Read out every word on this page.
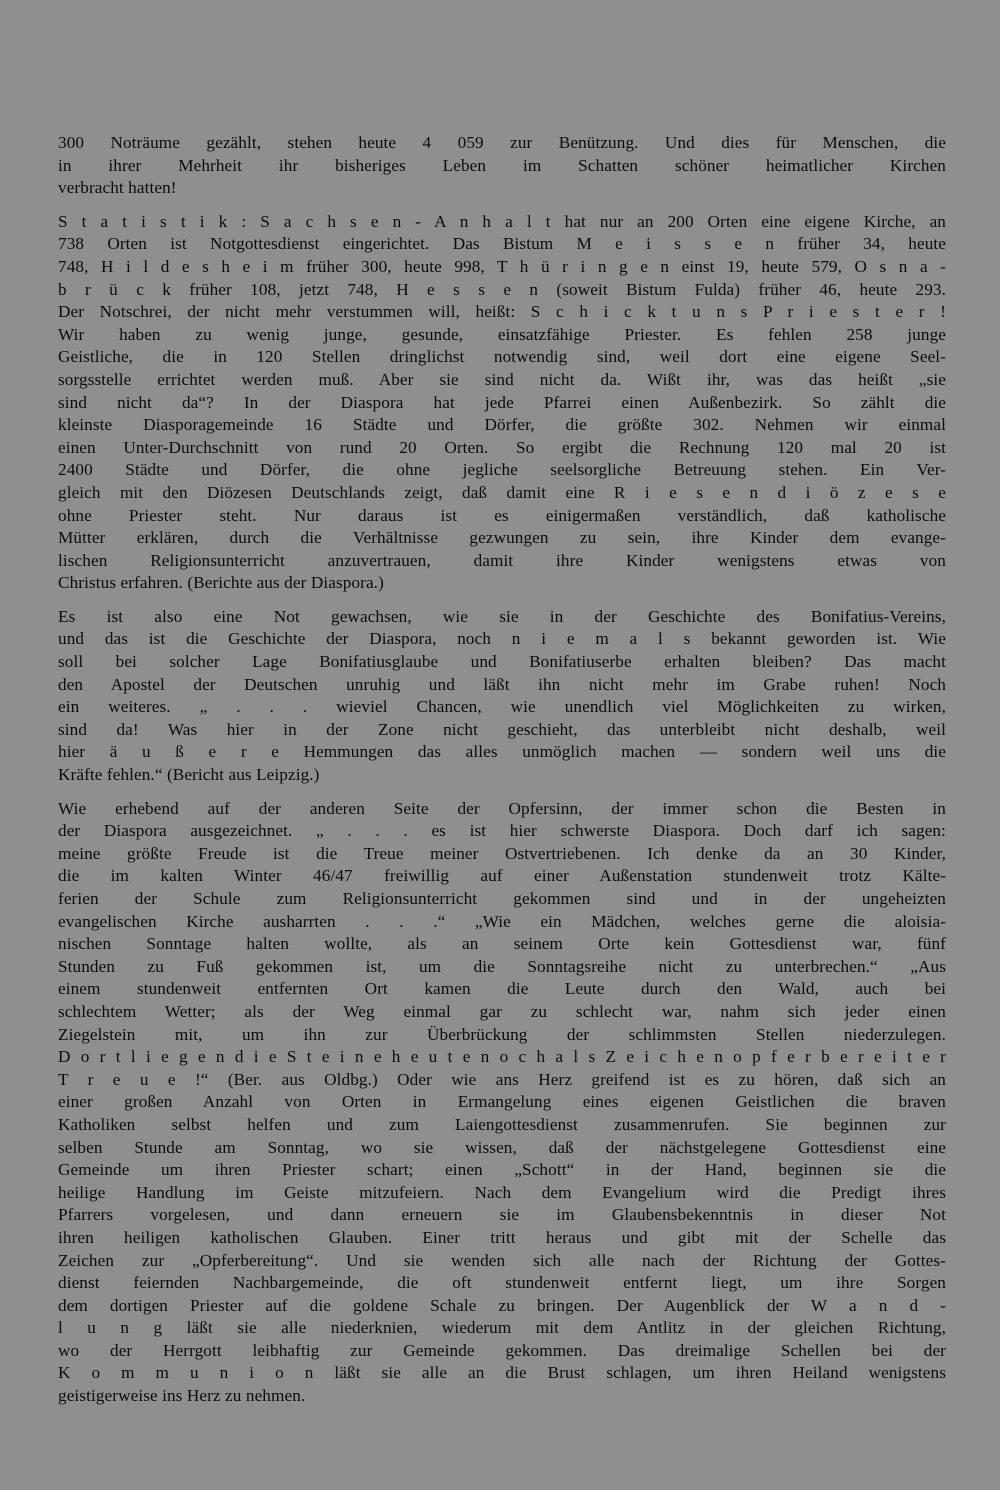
300 Noträume gezählt, stehen heute 4 059 zur Benützung. Und dies für Menschen, die
in ihrer Mehrheit ihr bisheriges Leben im Schatten schöner heimatlicher Kirchen
verbracht hatten!
S t a t i s t i k : S a c h s e n - A n h a l t hat nur an 200 Orten eine eigene Kirche, an
738 Orten ist Notgottesdienst eingerichtet. Das Bistum M e i s s e n früher 34, heute
748, H i l d e s h e i m früher 300, heute 998, T h ü r i n g e n einst 19, heute 579, O s n a -
b r ü c k früher 108, jetzt 748, H e s s e n (soweit Bistum Fulda) früher 46, heute 293.
Der Notschrei, der nicht mehr verstummen will, heißt: S c h i c k t u n s P r i e s t e r !
Wir haben zu wenig junge, gesunde, einsatzfähige Priester. Es fehlen 258 junge
Geistliche, die in 120 Stellen dringlichst notwendig sind, weil dort eine eigene Seel-
sorgsstelle errichtet werden muß. Aber sie sind nicht da. Wißt ihr, was das heißt „sie
sind nicht da“? In der Diaspora hat jede Pfarrei einen Außenbezirk. So zählt die
kleinste Diasporagemeinde 16 Städte und Dörfer, die größte 302. Nehmen wir einmal
einen Unter-Durchschnitt von rund 20 Orten. So ergibt die Rechnung 120 mal 20 ist
2400 Städte und Dörfer, die ohne jegliche seelsorgliche Betreuung stehen. Ein Ver-
gleich mit den Diözesen Deutschlands zeigt, daß damit eine R i e s e n d i ö z e s e
ohne Priester steht. Nur daraus ist es einigermaßen verständlich, daß katholische
Mütter erklären, durch die Verhältnisse gezwungen zu sein, ihre Kinder dem evange-
lischen Religionsunterricht anzuvertrauen, damit ihre Kinder wenigstens etwas von
Christus erfahren. (Berichte aus der Diaspora.)
Es ist also eine Not gewachsen, wie sie in der Geschichte des Bonifatius-Vereins,
und das ist die Geschichte der Diaspora, noch n i e m a l s bekannt geworden ist. Wie
soll bei solcher Lage Bonifatiusglaube und Bonifatiuserbe erhalten bleiben? Das macht
den Apostel der Deutschen unruhig und läßt ihn nicht mehr im Grabe ruhen! Noch
ein weiteres. „ . . . wieviel Chancen, wie unendlich viel Möglichkeiten zu wirken,
sind da! Was hier in der Zone nicht geschieht, das unterbleibt nicht deshalb, weil
hier ä u ß e r e Hemmungen das alles unmöglich machen — sondern weil uns die
Kräfte fehlen.“ (Bericht aus Leipzig.)
Wie erhebend auf der anderen Seite der Opfersinn, der immer schon die Besten in
der Diaspora ausgezeichnet. „ . . . es ist hier schwerste Diaspora. Doch darf ich sagen:
meine größte Freude ist die Treue meiner Ostvertriebenen. Ich denke da an 30 Kinder,
die im kalten Winter 46/47 freiwillig auf einer Außenstation stundenweit trotz Kälte-
ferien der Schule zum Religionsunterricht gekommen sind und in der ungeheizten
evangelischen Kirche ausharrten . . .“ „Wie ein Mädchen, welches gerne die aloisia-
nischen Sonntage halten wollte, als an seinem Orte kein Gottesdienst war, fünf
Stunden zu Fuß gekommen ist, um die Sonntagsreihe nicht zu unterbrechen.“ „Aus
einem stundenweit entfernten Ort kamen die Leute durch den Wald, auch bei
schlechtem Wetter; als der Weg einmal gar zu schlecht war, nahm sich jeder einen
Ziegelstein mit, um ihn zur Überbrückung der schlimmsten Stellen niederzulegen.
D o r t l i e g e n d i e S t e i n e h e u t e n o c h a l s Z e i c h e n o p f e r b e r e i t e r
T r e u e !“ (Ber. aus Oldbg.) Oder wie ans Herz greifend ist es zu hören, daß sich an
einer großen Anzahl von Orten in Ermangelung eines eigenen Geistlichen die braven
Katholiken selbst helfen und zum Laiengottesdienst zusammenrufen. Sie beginnen zur
selben Stunde am Sonntag, wo sie wissen, daß der nächstgelegene Gottesdienst eine
Gemeinde um ihren Priester schart; einen „Schott“ in der Hand, beginnen sie die
heilige Handlung im Geiste mitzufeiern. Nach dem Evangelium wird die Predigt ihres
Pfarrers vorgelesen, und dann erneuern sie im Glaubensbekenntnis in dieser Not
ihren heiligen katholischen Glauben. Einer tritt heraus und gibt mit der Schelle das
Zeichen zur „Opferbereitung“. Und sie wenden sich alle nach der Richtung der Gottes-
dienst feiernden Nachbargemeinde, die oft stundenweit entfernt liegt, um ihre Sorgen
dem dortigen Priester auf die goldene Schale zu bringen. Der Augenblick der W a n d -
l u n g läßt sie alle niederknien, wiederum mit dem Antlitz in der gleichen Richtung,
wo der Herrgott leibhaftig zur Gemeinde gekommen. Das dreimalige Schellen bei der
K o m m u n i o n läßt sie alle an die Brust schlagen, um ihren Heiland wenigstens
geistigerweise ins Herz zu nehmen.
